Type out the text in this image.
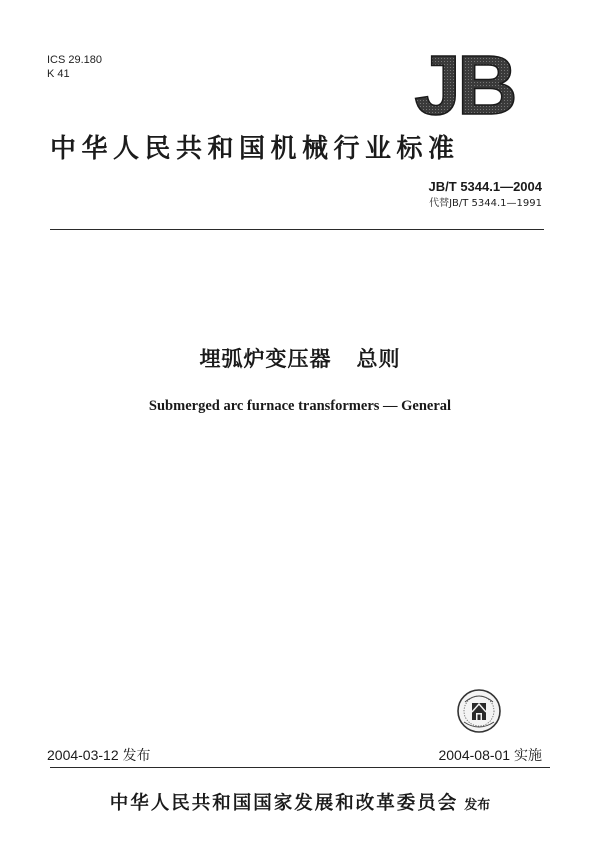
ICS 29.180
K 41	JB
中华人民共和国机械行业标准
JB/T 5344.1—2004
代替JB/T 5344.1—1991
埋弧炉变压器   总则
Submerged arc furnace transformers — General
2004-03-12 发布	2004-08-01 实施
中华人民共和国国家发展和改革委员会 发布
